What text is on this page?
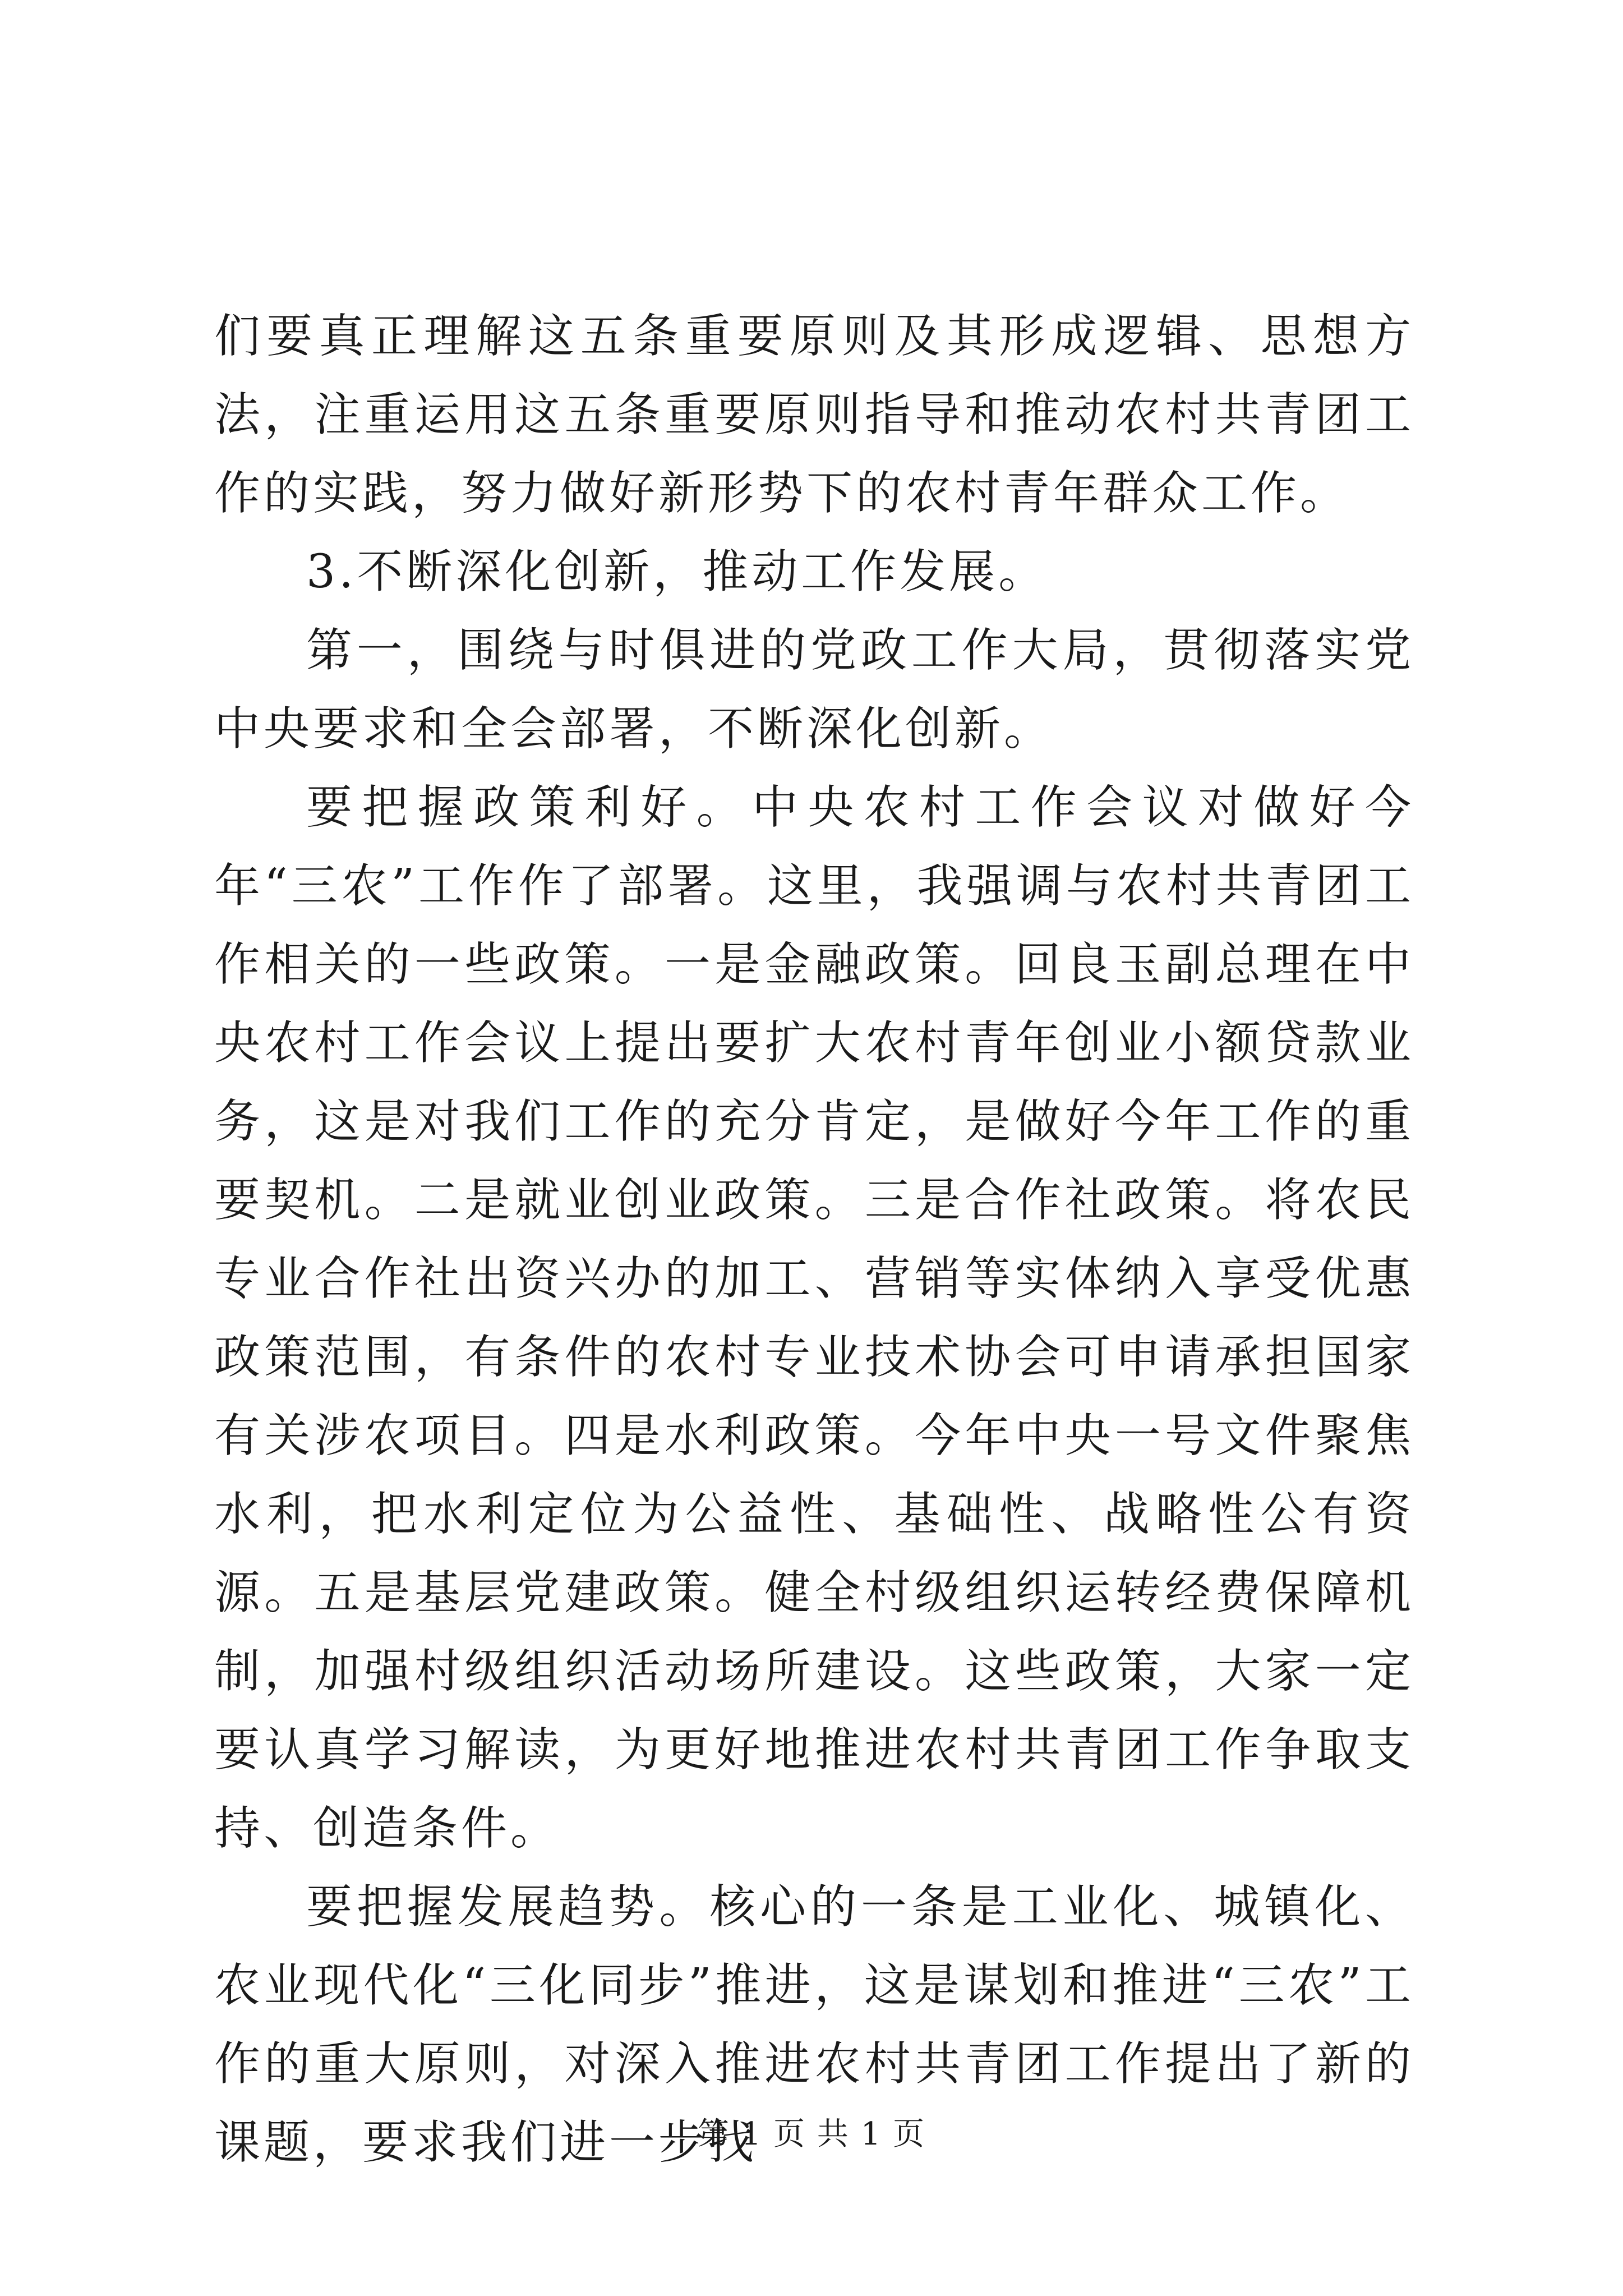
们要真正理解这五条重要原则及其形成逻辑、思想方法，注重运用这五条重要原则指导和推动农村共青团工作的实践，努力做好新形势下的农村青年群众工作。

3.不断深化创新，推动工作发展。

第一，围绕与时俱进的党政工作大局，贯彻落实党中央要求和全会部署，不断深化创新。

要把握政策利好。中央农村工作会议对做好今年“三农”工作作了部署。这里，我强调与农村共青团工作相关的一些政策。一是金融政策。回良玉副总理在中央农村工作会议上提出要扩大农村青年创业小额贷款业务，这是对我们工作的充分肯定，是做好今年工作的重要契机。二是就业创业政策。三是合作社政策。将农民专业合作社出资兴办的加工、营销等实体纳入享受优惠政策范围，有条件的农村专业技术协会可申请承担国家有关涉农项目。四是水利政策。今年中央一号文件聚焦水利，把水利定位为公益性、基础性、战略性公有资源。五是基层党建政策。健全村级组织运转经费保障机制，加强村级组织活动场所建设。这些政策，大家一定要认真学习解读，为更好地推进农村共青团工作争取支持、创造条件。

要把握发展趋势。核心的一条是工业化、城镇化、农业现代化“三化同步”推进，这是谋划和推进“三农”工作的重大原则，对深入推进农村共青团工作提出了新的课题，要求我们进一步找

第 1 页 共 1 页
